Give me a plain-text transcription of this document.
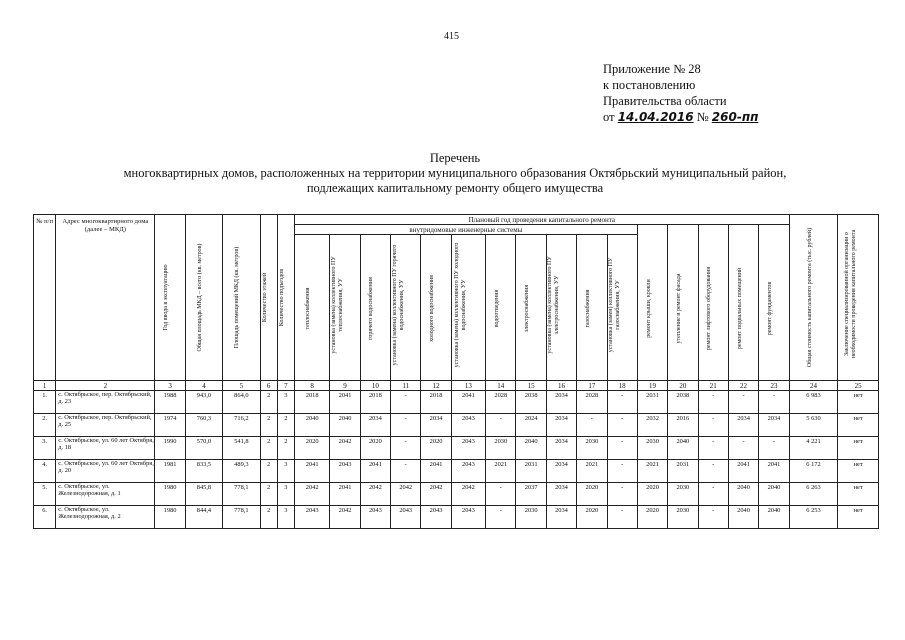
415
Приложение № 28
к постановлению
Правительства области
от 14.04.2016 № 260-пп
Перечень
многоквартирных домов, расположенных на территории муниципального образования Октябрьский муниципальный район,
подлежащих капитальному ремонту общего имущества
№ п/п	Адрес многоквартирного дома (далее – МКД)	Год ввода в эксплуатацию	Общая площадь МКД – всего (кв. метров)	Площадь помещений МКД (кв. метров)	Количество этажей	Количество подъездов	Плановый год проведения капитального ремонта																Общая стоимость капитального ремонта (тыс. рублей)	Заключение специализированной организации о необходимости проведения капитального ремонта

							внутридомовые инженерные системы											ремонт крыши, кровли	утепление и ремонт фасада	ремонт лифтового оборудования	ремонт подвальных помещений	ремонт фундаментов		

							теплоснабжения	установка (замена) коллективного ПУ теплоснабжения, УУ	горячего водоснабжения	установка (замена) коллективного ПУ горячего водоснабжения, УУ	холодного водоснабжения	установка (замена) коллективного ПУ холодного водоснабжения, УУ	водоотведения	электроснабжения	установка (замена) коллективного ПУ электроснабжения, УУ	газоснабжения	установка (замен) коллективного ПУ газоснабжения, УУ							

1	2	3	4	5	6	7	8	9	10	11	12	13	14	15	16	17	18	19	20	21	22	23	24	25
1.	с. Октябрьское, пер. Октябрьский, д. 23	1988	943,0	864,0	2	3	2018	2041	2018	-	2018	2041	2028	2038	2034	2028	-	2031	2038	-	-	-	6 983	нет
2.	с. Октябрьское, пер. Октябрьский, д. 25	1974	760,3	716,2	2	2	2040	2040	2034	-	2034	2043	-	2024	2034	-	-	2032	2016	-	2034	2034	5 630	нет
3.	с. Октябрьское, ул. 60 лет Октября, д. 18	1990	570,0	541,8	2	2	2020	2042	2020	-	2020	2043	2030	2040	2034	2030	-	2030	2040	-	-	-	4 221	нет
4.	с. Октябрьское, ул. 60 лет Октября, д. 20	1981	833,5	489,3	2	3	2041	2043	2041	-	2041	2043	2021	2031	2034	2021	-	2021	2031	-	2041	2041	6 172	нет
5.	с. Октябрьское, ул. Железнодорожная, д. 1	1980	845,8	778,1	2	3	2042	2041	2042	2042	2042	2042	-	2037	2034	2020	-	2020	2030	-	2040	2040	6 263	нет
6.	с. Октябрьское, ул. Железнодорожная, д. 2	1980	844,4	778,1	2	3	2043	2042	2043	2043	2043	2043	-	2030	2034	2020	-	2020	2030	-	2040	2040	6 253	нет
